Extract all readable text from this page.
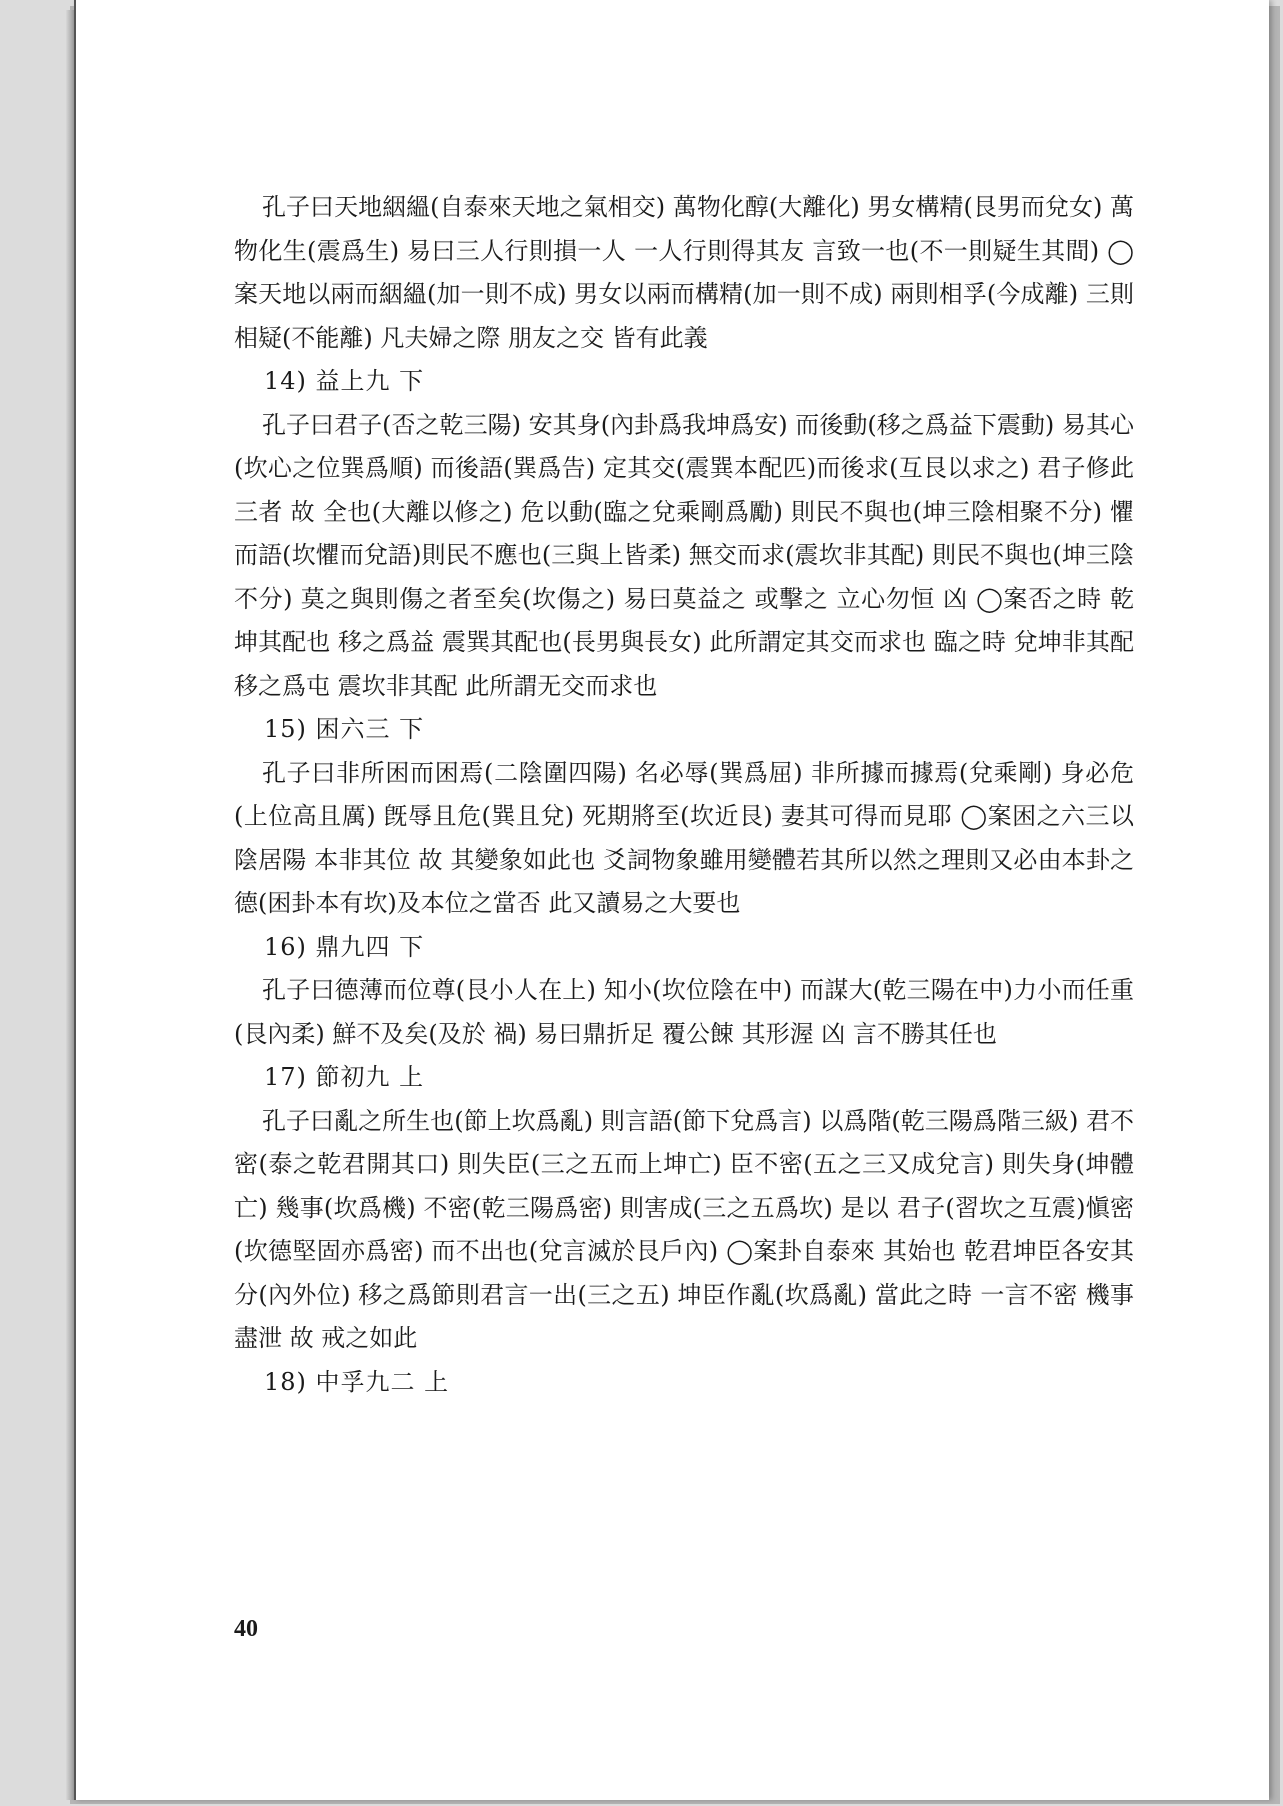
孔子曰天地絪縕(自泰來天地之氣相交) 萬物化醇(大離化) 男女構精(艮男而兌女) 萬物化生(震爲生) 易曰三人行則損一人 一人行則得其友 言致一也(不一則疑生其間) ◯案天地以兩而絪縕(加一則不成) 男女以兩而構精(加一則不成) 兩則相孚(今成離) 三則相疑(不能離) 凡夫婦之際 朋友之交 皆有此義

14) 益上九 下

孔子曰君子(否之乾三陽) 安其身(內卦爲我坤爲安) 而後動(移之爲益下震動) 易其心(坎心之位巽爲順) 而後語(巽爲告) 定其交(震巽本配匹)而後求(互艮以求之) 君子修此三者 故 全也(大離以修之) 危以動(臨之兌乘剛爲勵) 則民不與也(坤三陰相聚不分) 懼而語(坎懼而兌語)則民不應也(三與上皆柔) 無交而求(震坎非其配) 則民不與也(坤三陰不分) 莫之與則傷之者至矣(坎傷之) 易曰莫益之 或擊之 立心勿恒 凶 ◯案否之時 乾坤其配也 移之爲益 震巽其配也(長男與長女) 此所謂定其交而求也 臨之時 兌坤非其配 移之爲屯 震坎非其配 此所謂无交而求也

15) 困六三 下

孔子曰非所困而困焉(二陰圍四陽) 名必辱(巽爲屈) 非所據而據焉(兌乘剛) 身必危(上位高且厲) 旣辱且危(巽且兌) 死期將至(坎近艮) 妻其可得而見耶 ◯案困之六三以陰居陽 本非其位 故 其變象如此也 爻詞物象雖用變體若其所以然之理則又必由本卦之德(困卦本有坎)及本位之當否 此又讀易之大要也

16) 鼎九四 下

孔子曰德薄而位尊(艮小人在上) 知小(坎位陰在中) 而謀大(乾三陽在中)力小而任重(艮內柔) 鮮不及矣(及於 禍) 易曰鼎折足 覆公餗 其形渥 凶 言不勝其任也

17) 節初九 上

孔子曰亂之所生也(節上坎爲亂) 則言語(節下兌爲言) 以爲階(乾三陽爲階三級) 君不密(泰之乾君開其口) 則失臣(三之五而上坤亡) 臣不密(五之三又成兌言) 則失身(坤體亡) 幾事(坎爲機) 不密(乾三陽爲密) 則害成(三之五爲坎) 是以 君子(習坎之互震)愼密(坎德堅固亦爲密) 而不出也(兌言滅於艮戶內) ◯案卦自泰來 其始也 乾君坤臣各安其分(內外位) 移之爲節則君言一出(三之五) 坤臣作亂(坎爲亂) 當此之時 一言不密 機事盡泄 故 戒之如此

18) 中孚九二 上

40
